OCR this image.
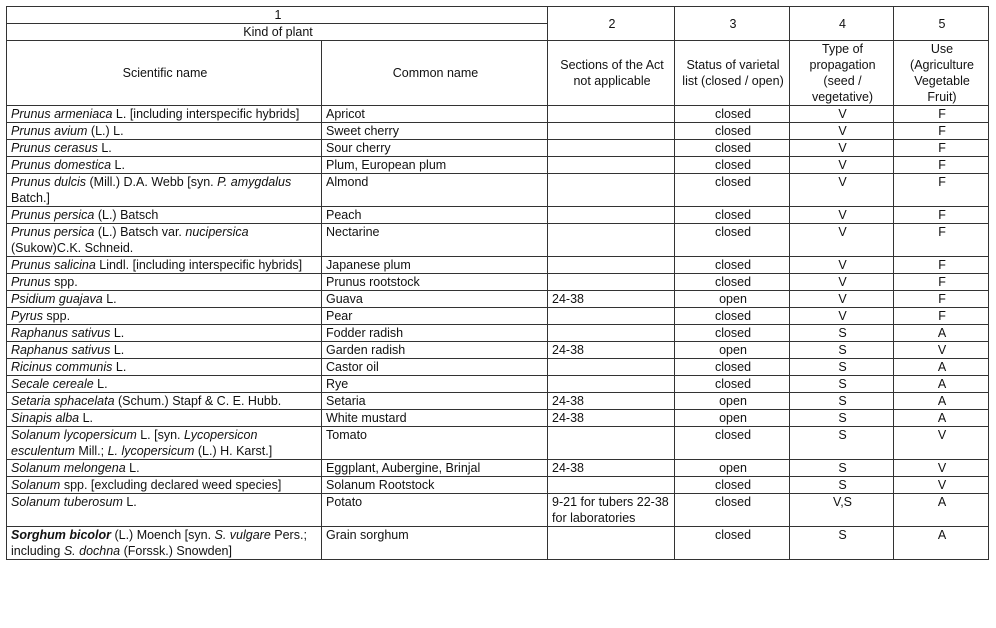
1		2	3	4	5
Kind of plant					
Scientific name	Common name	Sections of the Act not applicable	Status of varietal list (closed / open)	Type of propagation (seed / vegetative)	Use (Agriculture Vegetable Fruit)
Prunus armeniaca L. [including interspecific hybrids]	Apricot		closed	V	F
Prunus avium (L.) L.	Sweet cherry		closed	V	F
Prunus cerasus L.	Sour cherry		closed	V	F
Prunus domestica L.	Plum, European plum		closed	V	F
Prunus dulcis (Mill.) D.A. Webb [syn. P. amygdalus Batch.]	Almond		closed	V	F
Prunus persica (L.) Batsch	Peach		closed	V	F
Prunus persica (L.) Batsch var. nucipersica (Sukow)C.K. Schneid.	Nectarine		closed	V	F
Prunus salicina Lindl. [including interspecific hybrids]	Japanese plum		closed	V	F
Prunus spp.	Prunus rootstock		closed	V	F
Psidium guajava L.	Guava	24-38	open	V	F
Pyrus spp.	Pear		closed	V	F
Raphanus sativus L.	Fodder radish		closed	S	A
Raphanus sativus L.	Garden radish	24-38	open	S	V
Ricinus communis L.	Castor oil		closed	S	A
Secale cereale L.	Rye		closed	S	A
Setaria sphacelata (Schum.) Stapf & C. E. Hubb.	Setaria	24-38	open	S	A
Sinapis alba L.	White mustard	24-38	open	S	A
Solanum lycopersicum L. [syn. Lycopersicon esculentum Mill.; L. lycopersicum (L.) H. Karst.]	Tomato		closed	S	V
Solanum melongena L.	Eggplant, Aubergine, Brinjal	24-38	open	S	V
Solanum spp. [excluding declared weed species]	Solanum Rootstock		closed	S	V
Solanum tuberosum L.	Potato	9-21 for tubers 22-38 for laboratories	closed	V,S	A
Sorghum bicolor (L.) Moench [syn. S. vulgare Pers.; including S. dochna (Forssk.) Snowden]	Grain sorghum		closed	S	A
